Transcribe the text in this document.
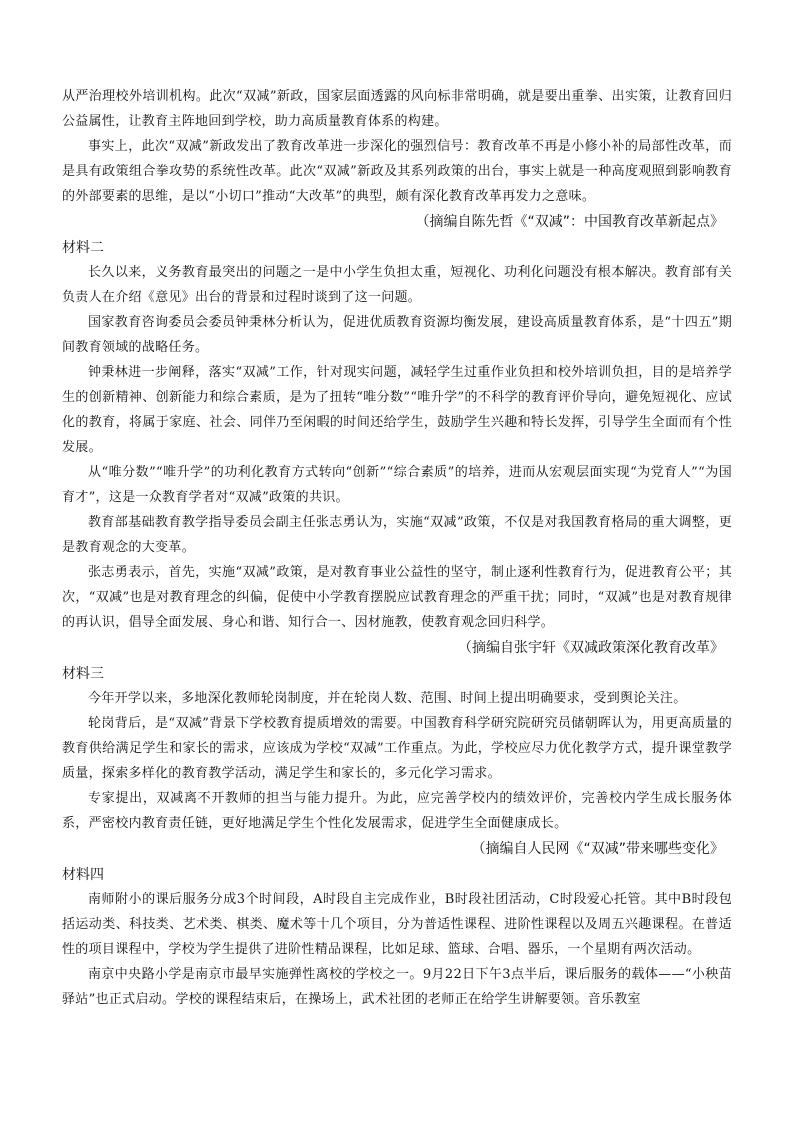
从严治理校外培训机构。此次“双减”新政，国家层面透露的风向标非常明确，就是要出重拳、出实策，让教育回归公益属性，让教育主阵地回到学校，助力高质量教育体系的构建。

事实上，此次“双减”新政发出了教育改革进一步深化的强烈信号：教育改革不再是小修小补的局部性改革，而是具有政策组合拳攻势的系统性改革。此次“双减”新政及其系列政策的出台，事实上就是一种高度观照到影响教育的外部要素的思维，是以“小切口”推动“大改革”的典型，颇有深化教育改革再发力之意味。

（摘编自陈先哲《“双减”：中国教育改革新起点》

材料二

长久以来，义务教育最突出的问题之一是中小学生负担太重，短视化、功利化问题没有根本解决。教育部有关负责人在介绍《意见》出台的背景和过程时谈到了这一问题。

国家教育咨询委员会委员钟秉林分析认为，促进优质教育资源均衡发展，建设高质量教育体系，是“十四五”期间教育领域的战略任务。

钟秉林进一步阐释，落实“双减”工作，针对现实问题，减轻学生过重作业负担和校外培训负担，目的是培养学生的创新精神、创新能力和综合素质，是为了扭转“唯分数”“唯升学”的不科学的教育评价导向，避免短视化、应试化的教育，将属于家庭、社会、同伴乃至闲暇的时间还给学生，鼓励学生兴趣和特长发挥，引导学生全面而有个性发展。

从“唯分数”“唯升学”的功利化教育方式转向“创新”“综合素质”的培养，进而从宏观层面实现“为党育人”“为国育才”，这是一众教育学者对“双减”政策的共识。

教育部基础教育教学指导委员会副主任张志勇认为，实施“双减”政策，不仅是对我国教育格局的重大调整，更是教育观念的大变革。

张志勇表示，首先，实施“双减”政策，是对教育事业公益性的坚守，制止逐利性教育行为，促进教育公平；其次，“双减”也是对教育理念的纠偏，促使中小学教育摆脱应试教育理念的严重干扰；同时，“双减”也是对教育规律的再认识，倡导全面发展、身心和谐、知行合一、因材施教，使教育观念回归科学。

（摘编自张宇轩《双减政策深化教育改革》

材料三

今年开学以来，多地深化教师轮岗制度，并在轮岗人数、范围、时间上提出明确要求，受到舆论关注。

轮岗背后，是“双减”背景下学校教育提质增效的需要。中国教育科学研究院研究员储朝晖认为，用更高质量的教育供给满足学生和家长的需求，应该成为学校“双减”工作重点。为此，学校应尽力优化教学方式，提升课堂教学质量，探索多样化的教育教学活动，满足学生和家长的，多元化学习需求。

专家提出，双减离不开教师的担当与能力提升。为此，应完善学校内的绩效评价，完善校内学生成长服务体系，严密校内教育责任链，更好地满足学生个性化发展需求，促进学生全面健康成长。

（摘编自人民网《“双减”带来哪些变化》

材料四

南师附小的课后服务分成3个时间段，A时段自主完成作业，B时段社团活动，C时段爱心托管。其中B时段包括运动类、科技类、艺术类、棋类、魔术等十几个项目，分为普适性课程、进阶性课程以及周五兴趣课程。在普适性的项目课程中，学校为学生提供了进阶性精品课程，比如足球、篮球、合唱、器乐，一个星期有两次活动。

南京中央路小学是南京市最早实施弹性离校的学校之一。9月22日下午3点半后，课后服务的载体——“小秧苗驿站”也正式启动。学校的课程结束后，在操场上，武术社团的老师正在给学生讲解要领。音乐教室
